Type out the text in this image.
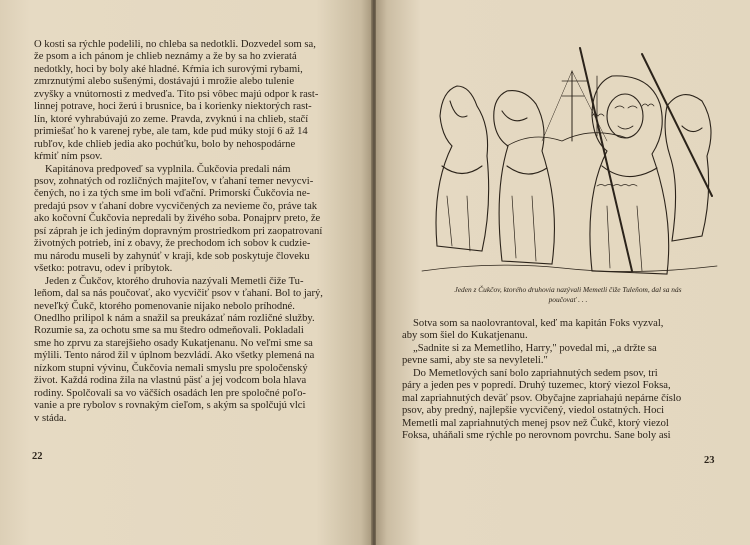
O kosti sa rýchle podelili, no chleba sa nedotkli. Dozvedel som sa,

že psom a ich pánom je chlieb neznámy a že by sa ho zvieratá

nedotkly, hoci by boly aké hladné. Kŕmia ich surovými rybami,

zmrznutými alebo sušenými, dostávajú i mrožie alebo tulenie

zvyšky a vnútornosti z medveďa. Títo psi vôbec majú odpor k rast-

linnej potrave, hoci žerú i brusnice, ba i korienky niektorých rast-

lín, ktoré vyhrabúvajú zo zeme. Pravda, zvyknú i na chlieb, stačí

primiešať ho k varenej rybe, ale tam, kde pud múky stojí 6 až 14

rubľov, kde chlieb jedia ako pochúťku, bolo by nehospodárne

kŕmiť ním psov.

Kapitánova predpoveď sa vyplnila. Čukčovia predali nám

psov, zohnatých od rozličných majiteľov, v ťahaní temer nevycvi-

čených, no i za tých sme im boli vďační. Primorskí Čukčovia ne-

predajú psov v ťahaní dobre vycvičených za nevieme čo, práve tak

ako kočovní Čukčovia nepredali by živého soba. Ponajprv preto, že

psí záprah je ich jediným dopravným prostriedkom pri zaopatrovaní

životných potrieb, iní z obavy, že prechodom ich sobov k cudzie-

mu národu museli by zahynúť v kraji, kde sob poskytuje človeku

všetko: potravu, odev i príbytok.

Jeden z Čukčov, ktorého druhovia nazývali Memetli čiže Tu-

leňom, dal sa nás poučovať, ako vycvičiť psov v ťahaní. Bol to jarý,

neveľký Čukč, ktorého pomenovanie nijako nebolo príhodné.

Onedlho prilipol k nám a snažil sa preukázať nám rozličné služby.

Rozumie sa, za ochotu sme sa mu štedro odmeňovali. Pokladali

sme ho zprvu za starejšieho osady Kukatjenanu. No veľmi sme sa

mýlili. Tento národ žil v úplnom bezvládí. Ako všetky plemená na

nízkom stupni vývinu, Čukčovia nemali smyslu pre spoločenský

život. Každá rodina žila na vlastnú päsť a jej vodcom bola hlava

rodiny. Spolčovali sa vo väčších osadách len pre spoločné poľo-

vanie a pre rybolov s rovnakým cieľom, s akým sa spolčujú vlci

v stáda.

22
Jeden z Čukčov, ktorého druhovia nazývali Memetli čiže Tuleňom, dal sa nás
poučovať . . .

Sotva som sa naolovrantoval, keď ma kapitán Foks vyzval,

aby som šiel do Kukatjenanu.

„Sadnite si za Memetliho, Harry," povedal mi, „a držte sa

pevne sami, aby ste sa nevyleteli."

Do Memetlových saní bolo zapriahnutých sedem psov, tri

páry a jeden pes v popredí. Druhý tuzemec, ktorý viezol Foksa,

mal zapriahnutých deväť psov. Obyčajne zapriahajú nepárne číslo

psov, aby predný, najlepšie vycvičený, viedol ostatných. Hoci

Memetli mal zapriahnutých menej psov než Čukč, ktorý viezol

Foksa, uháňali sme rýchle po nerovnom povrchu. Sane boly asi

23
